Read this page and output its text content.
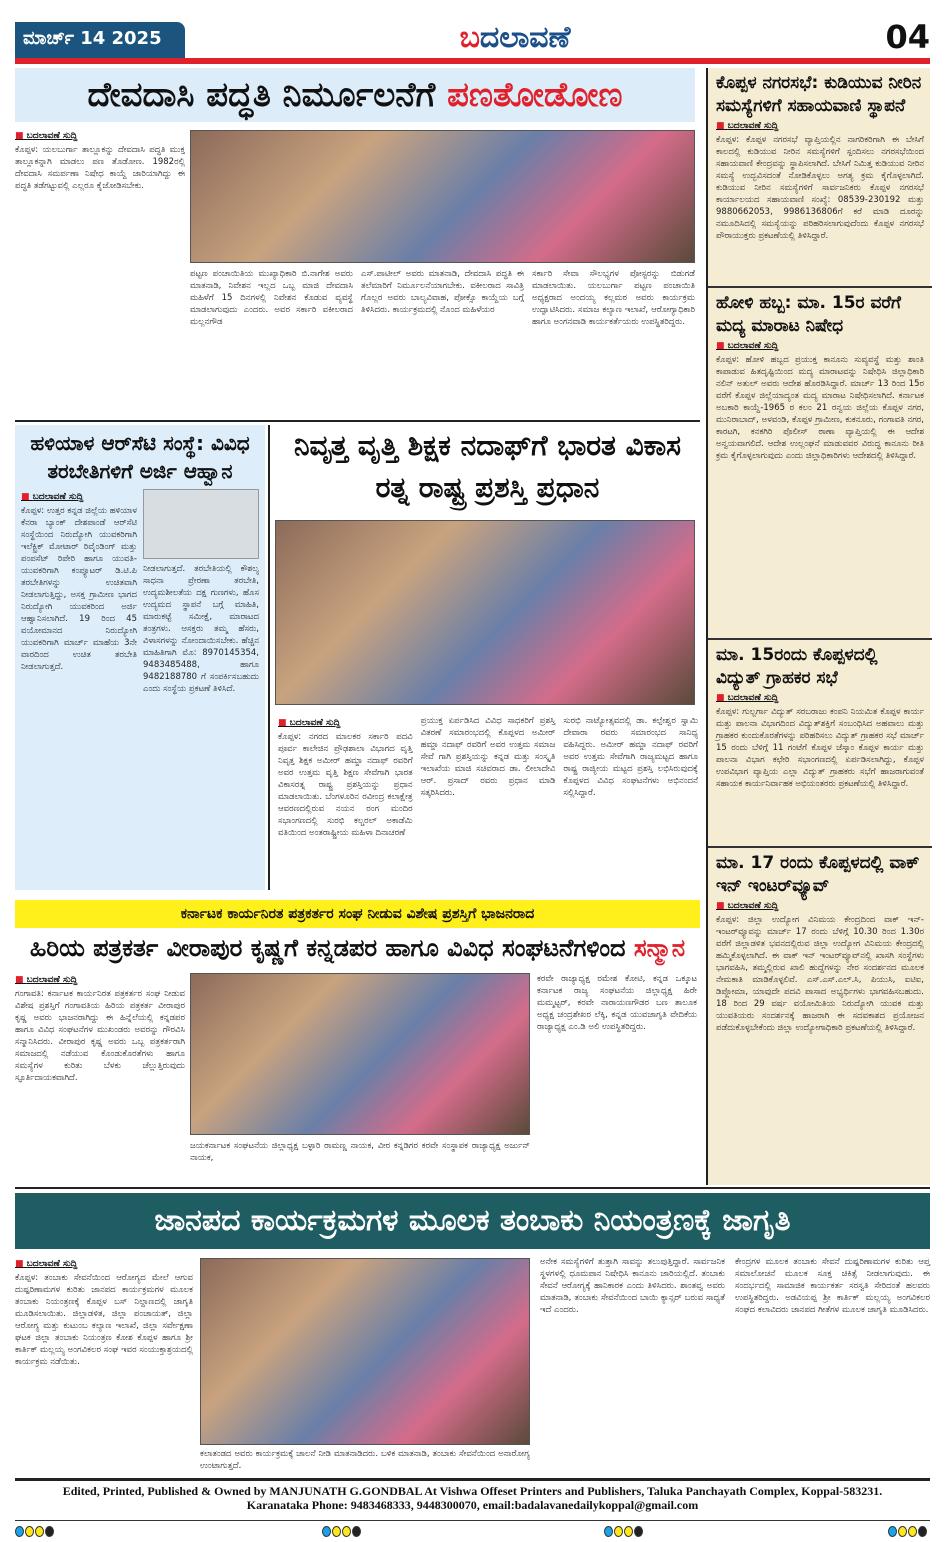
ಮಾರ್ಚ್ 14 2025	ಬದಲಾವಣೆ	04
ದೇವದಾಸಿ ಪದ್ಧತಿ ನಿರ್ಮೂಲನೆಗೆ ಪಣತೋಡೋಣ
■ ಬದಲಾವಣೆ ಸುದ್ದಿ
ಕೊಪ್ಪಳ: ಯಲಬುರ್ಗಾ ತಾಲ್ಲೂಕನ್ನು ದೇವದಾಸಿ ಪದ್ಧತಿ ಮುಕ್ತ ತಾಲ್ಲೂಕನ್ನಾಗಿ ಮಾಡಲು ಪಣ ತೊಡೋಣ. 1982ರಲ್ಲಿ ದೇವದಾಸಿ ಸಮರ್ಪಣಾ ನಿಷೇಧ ಕಾಯ್ದೆ ಜಾರಿಯಾಗಿದ್ದು ಈ ಪದ್ಧತಿ ತಡೆಗಟ್ಟುವಲ್ಲಿ ಎಲ್ಲರೂ ಕೈಜೋಡಿಸಬೇಕು.
ಪಟ್ಟಣ ಪಂಚಾಯಿತಿಯ ಮುಖ್ಯಾಧಿಕಾರಿ ಬಿ.ನಾಗೇಶ ಅವರು ಮಾತನಾಡಿ, ನಿವೇಶನ ಇಲ್ಲದ ಒಬ್ಬ ಮಾಜಿ ದೇವದಾಸಿ ಮಹಿಳೆಗೆ 15 ದಿನಗಳಲ್ಲಿ ನಿವೇಶನ ಕೊಡುವ ವ್ಯವಸ್ಥೆ ಮಾಡಲಾಗುವುದು ಎಂದರು. ಅವರ ಸರ್ಕಾರಿ ವಕೀಲರಾದ ಮಲ್ಲನಗೌಡ
ಎಸ್.ಪಾಟೀಲ್ ಅವರು ಮಾತನಾಡಿ, ದೇವದಾಸಿ ಪದ್ಧತಿ ಈ ತಲೆಮಾರಿಗೆ ನಿರ್ಮೂಲನೆಯಾಗಬೇಕು. ವಕೀಲರಾದ ಸಾವಿತ್ರಿ ಗೊಲ್ಲರ ಅವರು ಬಾಲ್ಯವಿವಾಹ, ಪೋಕ್ಸೊ ಕಾಯ್ದೆಯ ಬಗ್ಗೆ ತಿಳಿಸಿದರು. ಕಾರ್ಯಕ್ರಮದಲ್ಲಿ ನೊಂದ ಮಹಿಳೆಯರ
ಸರ್ಕಾರಿ ಸೇವಾ ಸೌಲಭ್ಯಗಳ ಪೋಸ್ಟರನ್ನು ಬಿಡುಗಡೆ ಮಾಡಲಾಯಿತು. ಯಲಬುರ್ಗಾ ಪಟ್ಟಣ ಪಂಚಾಯಿತಿ ಅಧ್ಯಕ್ಷರಾದ ಅಂದಯ್ಯ ಕಲ್ಲಮಠ ಅವರು ಕಾರ್ಯಕ್ರಮ ಉದ್ಘಾಟಿಸಿದರು. ಸಮಾಜ ಕಲ್ಯಾಣ ಇಲಾಖೆ, ಆರೋಗ್ಯಾಧಿಕಾರಿ ಹಾಗೂ ಅಂಗನವಾಡಿ ಕಾರ್ಯಕರ್ತೆಯರು ಉಪಸ್ಥಿತರಿದ್ದರು.
ಕೊಪ್ಪಳ ನಗರಸಭೆ: ಕುಡಿಯುವ ನೀರಿನ ಸಮಸ್ಯೆಗಳಿಗೆ ಸಹಾಯವಾಣಿ ಸ್ಥಾಪನೆ
■ ಬದಲಾವಣೆ ಸುದ್ದಿ
ಕೊಪ್ಪಳ: ಕೊಪ್ಪಳ ನಗರಸಭೆ ವ್ಯಾಪ್ತಿಯಲ್ಲಿನ ನಾಗರಿಕರಿಗಾಗಿ ಈ ಬೇಸಿಗೆ ಕಾಲದಲ್ಲಿ ಕುಡಿಯುವ ನೀರಿನ ಸಮಸ್ಯೆಗಳಿಗೆ ಸ್ಪಂದಿಸಲು ನಗರಸಭೆಯಿಂದ ಸಹಾಯವಾಣಿ ಕೇಂದ್ರವನ್ನು ಸ್ಥಾಪಿಸಲಾಗಿದೆ. ಬೇಸಿಗೆ ನಿಮಿತ್ತ ಕುಡಿಯುವ ನೀರಿನ ಸಮಸ್ಯೆ ಉದ್ಭವಿಸದಂತೆ ನೋಡಿಕೊಳ್ಳಲು ಅಗತ್ಯ ಕ್ರಮ ಕೈಗೊಳ್ಳಲಾಗಿದೆ. ಕುಡಿಯುವ ನೀರಿನ ಸಮಸ್ಯೆಗಳಿಗೆ ಸಾರ್ವಜನಿಕರು ಕೊಪ್ಪಳ ನಗರಸಭೆ ಕಾರ್ಯಾಲಯದ ಸಹಾಯವಾಣಿ ಸಂಖ್ಯೆ: 08539-230192 ಮತ್ತು 9880662053, 9986136806ಗೆ ಕರೆ ಮಾಡಿ ದೂರನ್ನು ನಮೂದಿಸಿದಲ್ಲಿ ಸಮಸ್ಯೆಯನ್ನು ಪರಿಹರಿಸಲಾಗುವುದೆಂದು ಕೊಪ್ಪಳ ನಗರಸಭೆ ಪೌರಾಯುಕ್ತರು ಪ್ರಕಟಣೆಯಲ್ಲಿ ತಿಳಿಸಿದ್ದಾರೆ.
ಹೋಳಿ ಹಬ್ಬ: ಮಾ. 15ರ ವರೆಗೆ ಮದ್ಯ ಮಾರಾಟ ನಿಷೇಧ
■ ಬದಲಾವಣೆ ಸುದ್ದಿ
ಕೊಪ್ಪಳ: ಹೋಳಿ ಹಬ್ಬದ ಪ್ರಯುಕ್ತ ಕಾನೂನು ಸುವ್ಯವಸ್ಥೆ ಮತ್ತು ಶಾಂತಿ ಕಾಪಾಡುವ ಹಿತದೃಷ್ಟಿಯಿಂದ ಮದ್ಯ ಮಾರಾಟವನ್ನು ನಿಷೇಧಿಸಿ ಜಿಲ್ಲಾಧಿಕಾರಿ ನಲಿನ್ ಅತುಲ್ ಅವರು ಆದೇಶ ಹೊರಡಿಸಿದ್ದಾರೆ. ಮಾರ್ಚ್ 13 ರಿಂದ 15ರ ವರೆಗೆ ಕೊಪ್ಪಳ ಜಿಲ್ಲೆಯಾದ್ಯಂತ ಮದ್ಯ ಮಾರಾಟ ನಿಷೇಧಿಸಲಾಗಿದೆ. ಕರ್ನಾಟಕ ಅಬಕಾರಿ ಕಾಯ್ದೆ-1965 ರ ಕಲಂ 21 ರನ್ವಯ ಜಿಲ್ಲೆಯ ಕೊಪ್ಪಳ ನಗರ, ಮುನಿರಾಬಾದ್, ಅಳವಂಡಿ, ಕೊಪ್ಪಳ ಗ್ರಾಮೀಣ, ಕುಕನೂರು, ಗಂಗಾವತಿ ನಗರ, ಕಾರಟಗಿ, ಕನಕಗಿರಿ ಪೊಲೀಸ್ ಠಾಣಾ ವ್ಯಾಪ್ತಿಯಲ್ಲಿ ಈ ಆದೇಶ ಅನ್ವಯವಾಗಲಿದೆ. ಆದೇಶ ಉಲ್ಲಂಘನೆ ಮಾಡುವವರ ವಿರುದ್ಧ ಕಾನೂನು ರೀತಿ ಕ್ರಮ ಕೈಗೊಳ್ಳಲಾಗುವುದು ಎಂದು ಜಿಲ್ಲಾಧಿಕಾರಿಗಳು ಆದೇಶದಲ್ಲಿ ತಿಳಿಸಿದ್ದಾರೆ.
ಮಾ. 15ರಂದು ಕೊಪ್ಪಳದಲ್ಲಿ ವಿದ್ಯುತ್ ಗ್ರಾಹಕರ ಸಭೆ
■ ಬದಲಾವಣೆ ಸುದ್ದಿ
ಕೊಪ್ಪಳ: ಗುಲ್ಬರ್ಗಾ ವಿದ್ಯುತ್ ಸರಬರಾಜು ಕಂಪನಿ ನಿಯಮಿತ ಕೊಪ್ಪಳ ಕಾರ್ಯ ಮತ್ತು ಪಾಲನಾ ವಿಭಾಗದಿಂದ ವಿದ್ಯುತ್‌ಶಕ್ತಿಗೆ ಸಂಬಂಧಿಸಿದ ಅಹವಾಲು ಮತ್ತು ಗ್ರಾಹಕರ ಕುಂದುಕೊರತೆಗಳನ್ನು ಪರಿಹರಿಸಲು ವಿದ್ಯುತ್ ಗ್ರಾಹಕರ ಸಭೆ ಮಾರ್ಚ್ 15 ರಂದು ಬೆಳಿಗ್ಗೆ 11 ಗಂಟೆಗೆ ಕೊಪ್ಪಳ ಜೆಸ್ಕಾಂ ಕೊಪ್ಪಳ ಕಾರ್ಯ ಮತ್ತು ಪಾಲನಾ ವಿಭಾಗ ಕಛೇರಿ ಸಭಾಂಗಣದಲ್ಲಿ ಏರ್ಪಡಿಸಲಾಗಿದ್ದು, ಕೊಪ್ಪಳ ಉಪವಿಭಾಗ ವ್ಯಾಪ್ತಿಯ ಎಲ್ಲಾ ವಿದ್ಯುತ್ ಗ್ರಾಹಕರು ಸಭೆಗೆ ಹಾಜರಾಗುವಂತೆ ಸಹಾಯಕ ಕಾರ್ಯನಿರ್ವಾಹಕ ಅಭಿಯಂತರರು ಪ್ರಕಟಣೆಯಲ್ಲಿ ತಿಳಿಸಿದ್ದಾರೆ.
ಮಾ. 17 ರಂದು ಕೊಪ್ಪಳದಲ್ಲಿ ವಾಕ್ ಇನ್ ಇಂಟರ್‌ವ್ಯೂವ್
■ ಬದಲಾವಣೆ ಸುದ್ದಿ
ಕೊಪ್ಪಳ: ಜಿಲ್ಲಾ ಉದ್ಯೋಗ ವಿನಿಮಯ ಕೇಂದ್ರದಿಂದ ವಾಕ್ ಇನ್-ಇಂಟರ್‌ವ್ಯೂವನ್ನು ಮಾರ್ಚ್ 17 ರಂದು ಬೆಳಿಗ್ಗೆ 10.30 ರಿಂದ 1.30ರ ವರೆಗೆ ಜಿಲ್ಲಾಡಳಿತ ಭವನದಲ್ಲಿರುವ ಜಿಲ್ಲಾ ಉದ್ಯೋಗ ವಿನಿಮಯ ಕೇಂದ್ರದಲ್ಲಿ ಹಮ್ಮಿಕೊಳ್ಳಲಾಗಿದೆ. ಈ ವಾಕ್ ಇನ್ ಇಂಟರ್‌ವ್ಯೂವ್‌ನಲ್ಲಿ ಖಾಸಗಿ ಸಂಸ್ಥೆಗಳು ಭಾಗವಹಿಸಿ, ತಮ್ಮಲ್ಲಿರುವ ಖಾಲಿ ಹುದ್ದೆಗಳನ್ನು ನೇರ ಸಂದರ್ಶನದ ಮೂಲಕ ನೇಮಕಾತಿ ಮಾಡಿಕೊಳ್ಳಲಿವೆ. ಎಸ್.ಎಸ್.ಎಲ್.ಸಿ, ಪಿಯುಸಿ, ಐಟಿಐ, ಡಿಪ್ಲೋಮಾ, ಯಾವುದೇ ಪದವಿ ಪಾಸಾದ ಅಭ್ಯರ್ಥಿಗಳು ಭಾಗವಹಿಸಬಹುದು. 18 ರಿಂದ 29 ವರ್ಷ ವಯೋಮಿತಿಯ ನಿರುದ್ಯೋಗಿ ಯುವಕ ಮತ್ತು ಯುವತಿಯರು ಸಂದರ್ಶನಕ್ಕೆ ಹಾಜರಾಗಿ ಈ ಸದವಕಾಶದ ಪ್ರಯೋಜನ ಪಡೆದುಕೊಳ್ಳಬೇಕೆಂದು ಜಿಲ್ಲಾ ಉದ್ಯೋಗಾಧಿಕಾರಿ ಪ್ರಕಟಣೆಯಲ್ಲಿ ತಿಳಿಸಿದ್ದಾರೆ.
ಹಳಿಯಾಳ ಆರ್‌ಸೆಟಿ ಸಂಸ್ಥೆ: ವಿವಿಧ ತರಬೇತಿಗಳಿಗೆ ಅರ್ಜಿ ಆಹ್ವಾನ
■ ಬದಲಾವಣೆ ಸುದ್ದಿ
ಕೊಪ್ಪಳ: ಉತ್ತರ ಕನ್ನಡ ಜಿಲ್ಲೆಯ ಹಳಿಯಾಳ ಕೆನರಾ ಬ್ಯಾಂಕ್ ದೇಶಪಾಂಡೆ ಆರ್‌ಸೆಟಿ ಸಂಸ್ಥೆಯಿಂದ ನಿರುದ್ಯೋಗಿ ಯುವಕರಿಗಾಗಿ ಇಲೆಕ್ಟ್ರಿಕ್ ಮೋಟಾರ್ ರಿವೈಂಡಿಂಗ್ ಮತ್ತು ಪಂಪಸೆಟ್ ರಿಪೇರಿ ಹಾಗೂ ಯುವತಿ-ಯುವಕರಿಗಾಗಿ ಕಂಪ್ಯೂಟರ್ ಡಿ.ಟಿ.ಪಿ ತರಬೇತಿಗಳನ್ನು ಉಚಿತವಾಗಿ ನೀಡಲಾಗುತ್ತಿದ್ದು, ಅಸಕ್ತ ಗ್ರಾಮೀಣ ಭಾಗದ ನಿರುದ್ಯೋಗಿ ಯುವಕರಿಂದ ಅರ್ಜಿ ಆಹ್ವಾನಿಸಲಾಗಿದೆ. 19 ರಿಂದ 45 ವಯೋಮಾನದ ನಿರುದ್ಯೋಗಿ ಯುವಕರಿಗಾಗಿ ಮಾರ್ಚ್ ಮಾಹೆಯ 3ನೇ ವಾರದಿಂದ ಉಚಿತ ತರಬೇತಿ ನೀಡಲಾಗುತ್ತದೆ.
ನೀಡಲಾಗುತ್ತದೆ. ತರಬೇತಿಯಲ್ಲಿ ಕೌಶಲ್ಯ ಸಾಧನಾ ಪ್ರೇರಣಾ ತರಬೇತಿ, ಉದ್ಯಮಶೀಲತೆಯ ದಕ್ಷ ಗುಣಗಳು, ಹೊಸ ಉದ್ಯಮದ ಸ್ಥಾಪನೆ ಬಗ್ಗೆ ಮಾಹಿತಿ, ಮಾರುಕಟ್ಟೆ ಸಮೀಕ್ಷೆ, ಮಾರಾಟದ ತಂತ್ರಗಳು. ಆಸಕ್ತರು ತಮ್ಮ ಹೆಸರು, ವಿಳಾಸಗಳನ್ನು ನೋಂದಾಯಿಸಬೇಕು. ಹೆಚ್ಚಿನ ಮಾಹಿತಿಗಾಗಿ ಮೊ: 8970145354, 9483485488, ಹಾಗೂ 9482188780 ಗೆ ಸಂಪರ್ಕಿಸಬಹುದು ಎಂದು ಸಂಸ್ಥೆಯ ಪ್ರಕಟಣೆ ತಿಳಿಸಿದೆ.
ನಿವೃತ್ತ ವೃತ್ತಿ ಶಿಕ್ಷಕ ನದಾಫ್‌ಗೆ ಭಾರತ ವಿಕಾಸ ರತ್ನ ರಾಷ್ಟ್ರ ಪ್ರಶಸ್ತಿ ಪ್ರಧಾನ
■ ಬದಲಾವಣೆ ಸುದ್ದಿ
ಕೊಪ್ಪಳ: ನಗರದ ಮಾಲಕರ ಸರ್ಕಾರಿ ಪದವಿ ಪೂರ್ವ ಕಾಲೇಜಿನ ಪ್ರೌಢಶಾಲಾ ವಿಭಾಗದ ವೃತ್ತಿ ನಿವೃತ್ತ ಶಿಕ್ಷಕ ಅಮೀರ್ ಹಮ್ಜಾ ನದಾಫ್ ರವರಿಗೆ ಅವರ ಉತ್ತಮ ವೃತ್ತಿ ಶಿಕ್ಷಣ ಸೇವೆಗಾಗಿ ಭಾರತ ವಿಕಾಸರತ್ನ ರಾಷ್ಟ್ರ ಪ್ರಶಸ್ತಿಯನ್ನು ಪ್ರಧಾನ ಮಾಡಲಾಯಿತು. ಬೆಂಗಳೂರಿನ ರವೀಂದ್ರ ಕಲಾಕ್ಷೇತ್ರ ಆವರಣದಲ್ಲಿರುವ ನಯನ ರಂಗ ಮಂದಿರ ಸಭಾಂಗಣದಲ್ಲಿ ಸುರಭಿ ಕಲ್ಚರಲ್ ಅಕಾಡೆಮಿ ವತಿಯಿಂದ ಅಂತರಾಷ್ಟ್ರೀಯ ಮಹಿಳಾ ದಿನಾಚರಣೆ
ಪ್ರಯುಕ್ತ ಏರ್ಪಡಿಸಿದ ವಿವಿಧ ಸಾಧಕರಿಗೆ ಪ್ರಶಸ್ತಿ ವಿತರಣೆ ಸಮಾರಂಭದಲ್ಲಿ ಕೊಪ್ಪಳದ ಅಮೀರ್ ಹಮ್ಜಾ ನದಾಫ್ ರವರಿಗೆ ಅವರ ಉತ್ತಮ ಸಮಾಜ ಸೇವೆ ಗಾಗಿ ಪ್ರಶಸ್ತಿಯನ್ನು ಕನ್ನಡ ಮತ್ತು ಸಂಸ್ಕೃತಿ ಇಲಾಖೆಯ ಮಾಜಿ ಸಚಿವರಾದ ಡಾ. ಲೀಲಾದೇವಿ ಆರ್. ಪ್ರಸಾದ್ ರವರು ಪ್ರಧಾನ ಮಾಡಿ ಸತ್ಕರಿಸಿದರು.
ಸುರಭಿ ನಾಟ್ಯೋತ್ಸವದಲ್ಲಿ ಡಾ. ಕಲ್ಪೇಶ್ವರ ಸ್ವಾಮಿ ದೇವಾರಾ ರವರು ಸಮಾರಂಭದ ಸಾನಿಧ್ಯ ವಹಿಸಿದ್ದರು. ಅಮೀರ್ ಹಮ್ಜಾ ನದಾಫ್ ರವರಿಗೆ ಅವರ ಉತ್ತಮ ಸೇವೆಗಾಗಿ ರಾಜ್ಯಮಟ್ಟದ ಹಾಗೂ ರಾಷ್ಟ್ರ ರಾಜ್ಯೀಯ ಮಟ್ಟದ ಪ್ರಶಸ್ತಿ ಲಭಿಸಿರುವುದಕ್ಕೆ ಕೊಪ್ಪಳದ ವಿವಿಧ ಸಂಘಟನೆಗಳು ಅಭಿನಂದನೆ ಸಲ್ಲಿಸಿದ್ದಾರೆ.
ಕರ್ನಾಟಕ ಕಾರ್ಯನಿರತ ಪತ್ರಕರ್ತರ ಸಂಘ ನೀಡುವ ವಿಶೇಷ ಪ್ರಶಸ್ತಿಗೆ ಭಾಜನರಾದ
ಹಿರಿಯ ಪತ್ರಕರ್ತ ವೀರಾಪುರ ಕೃಷ್ಣಗೆ ಕನ್ನಡಪರ ಹಾಗೂ ವಿವಿಧ ಸಂಘಟನೆಗಳಿಂದ ಸನ್ಮಾನ
■ ಬದಲಾವಣೆ ಸುದ್ದಿ
ಗಂಗಾವತಿ: ಕರ್ನಾಟಕ ಕಾರ್ಯನಿರತ ಪತ್ರಕರ್ತರ ಸಂಘ ನೀಡುವ ವಿಶೇಷ ಪ್ರಶಸ್ತಿಗೆ ಗಂಗಾವತಿಯ ಹಿರಿಯ ಪತ್ರಕರ್ತ ವೀರಾಪುರ ಕೃಷ್ಣ ಅವರು ಭಾಜನರಾಗಿದ್ದು ಈ ಹಿನ್ನೆಲೆಯಲ್ಲಿ ಕನ್ನಡಪರ ಹಾಗೂ ವಿವಿಧ ಸಂಘಟನೆಗಳ ಮುಖಂಡರು ಅವರನ್ನು ಗೌರವಿಸಿ ಸನ್ಮಾನಿಸಿದರು. ವೀರಾಪುರ ಕೃಷ್ಣ ಅವರು ಒಬ್ಬ ಪತ್ರಕರ್ತರಾಗಿ ಸಮಾಜದಲ್ಲಿ ನಡೆಯುವ ಕೊಂಡುಕೊರತೆಗಳು ಹಾಗೂ ಸಮಸ್ಯೆಗಳ ಕುರಿತು ಬೆಳಕು ಚೆಲ್ಲುತ್ತಿರುವುದು ಸ್ಫೂರ್ತಿದಾಯಕವಾಗಿದೆ.
ಜಯಕರ್ನಾಟಕ ಸಂಘಟನೆಯ ಜಿಲ್ಲಾಧ್ಯಕ್ಷ ಬಳ್ಳಾರಿ ರಾಮಣ್ಣ ನಾಯಕ, ವೀರ ಕನ್ನಡಿಗರ ಕರವೇ ಸಂಸ್ಥಾಪಕ ರಾಜ್ಯಾಧ್ಯಕ್ಷ ಅರ್ಜುನ್ ನಾಯಕ,
ಕರವೇ ರಾಜ್ಯಾಧ್ಯಕ್ಷ ರಮೇಶ ಕೋಟಿ, ಕನ್ನಡ ಒಕ್ಕೂಟ ಕರ್ನಾಟಕ ರಾಜ್ಯ ಸಂಘಟನೆಯ ಜಿಲ್ಲಾಧ್ಯಕ್ಷ ಹಿರೇ ಮಮ್ಮಟ್ಟರ್, ಕರವೇ ನಾರಾಯಣಗೌಡರ ಬಣ ತಾಲೂಕ ಅಧ್ಯಕ್ಷ ಚಂದ್ರಶೇಖರ ಲೆಕ್ಕಿ, ಕನ್ನಡ ಯುವಜಾಗೃತಿ ವೇದಿಕೆಯ ರಾಜ್ಯಾಧ್ಯಕ್ಷ ಎಂ.ಡಿ ಅಲಿ ಉಪಸ್ಥಿತರಿದ್ದರು.
ಜಾನಪದ ಕಾರ್ಯಕ್ರಮಗಳ ಮೂಲಕ ತಂಬಾಕು ನಿಯಂತ್ರಣಕ್ಕೆ ಜಾಗೃತಿ
■ ಬದಲಾವಣೆ ಸುದ್ದಿ
ಕೊಪ್ಪಳ: ತಂಬಾಕು ಸೇವನೆಯಿಂದ ಆರೋಗ್ಯದ ಮೇಲೆ ಆಗುವ ದುಷ್ಪರಿಣಾಮಗಳ ಕುರಿತು ಜಾನಪದ ಕಾರ್ಯಕ್ರಮಗಳ ಮೂಲಕ ತಂಬಾಕು ನಿಯಂತ್ರಣಕ್ಕೆ ಕೊಪ್ಪಳ ಬಸ್ ನಿಲ್ದಾಣದಲ್ಲಿ ಜಾಗೃತಿ ಮೂಡಿಸಲಾಯಿತು. ಜಿಲ್ಲಾಡಳಿತ, ಜಿಲ್ಲಾ ಪಂಚಾಯತ್, ಜಿಲ್ಲಾ ಆರೋಗ್ಯ ಮತ್ತು ಕುಟುಂಬ ಕಲ್ಯಾಣ ಇಲಾಖೆ, ಜಿಲ್ಲಾ ಸರ್ವೇಕ್ಷಣಾ ಘಟಕ ಜಿಲ್ಲಾ ತಂಬಾಕು ನಿಯಂತ್ರಣ ಕೋಶ ಕೊಪ್ಪಳ ಹಾಗೂ ಶ್ರೀ ಕಾರ್ತಿಕ್ ಮಲ್ಲಯ್ಯ ಅಂಗವಿಕಲರ ಸಂಘ ಇವರ ಸಂಯುಕ್ತಾಶ್ರಯದಲ್ಲಿ ಕಾರ್ಯಕ್ರಮ ನಡೆಯಿತು.
ಕಲಾತಂಡದ ಅವರು ಕಾರ್ಯಕ್ರಮಕ್ಕೆ ಚಾಲನೆ ನೀಡಿ ಮಾತನಾಡಿದರು. ಬಳಿಕ ಮಾತನಾಡಿ, ತಂಬಾಕು ಸೇವನೆಯಿಂದ ಅನಾರೋಗ್ಯ ಉಂಟಾಗುತ್ತದೆ.
ಅನೇಕ ಸಮಸ್ಯೆಗಳಿಗೆ ತುತ್ತಾಗಿ ಸಾವನ್ನು ತಲುಪುತ್ತಿದ್ದಾರೆ. ಸಾರ್ವಜನಿಕ ಸ್ಥಳಗಳಲ್ಲಿ ಧೂಮಪಾನ ನಿಷೇಧಿಸಿ ಕಾನೂನು ಜಾರಿಯಲ್ಲಿದೆ. ತಂಬಾಕು ಸೇವನೆ ಆರೋಗ್ಯಕ್ಕೆ ಹಾನಿಕಾರಕ ಎಂದು ತಿಳಿಸಿದರು. ಶಾಂತವ್ವ ಅವರು ಮಾತನಾಡಿ, ತಂಬಾಕು ಸೇವನೆಯಿಂದ ಬಾಯಿ ಕ್ಯಾನ್ಸರ್ ಬರುವ ಸಾಧ್ಯತೆ ಇದೆ ಎಂದರು.
ಕೇಂದ್ರಗಳ ಮೂಲಕ ತಂಬಾಕು ಸೇವನೆ ದುಷ್ಪರಿಣಾಮಗಳ ಕುರಿತು ಆಪ್ತ ಸಮಾಲೋಚನೆ ಮೂಲಕ ಸೂಕ್ತ ಚಿಕಿತ್ಸೆ ನೀಡಲಾಗುವುದು. ಈ ಸಂದರ್ಭದಲ್ಲಿ ಸಾಮಾಜಿಕ ಕಾರ್ಯಕರ್ತ ಸರಸ್ವತಿ ಸೇರಿದಂತೆ ಹಲವರು ಉಪಸ್ಥಿತರಿದ್ದರು. ಅಡವಿಯಪ್ಪ ಶ್ರೀ ಕಾರ್ತಿಕ್ ಮಲ್ಲಯ್ಯ ಅಂಗವಿಕಲರ ಸಂಘದ ಕಲಾವಿದರು ಜಾನಪದ ಗೀತೆಗಳ ಮೂಲಕ ಜಾಗೃತಿ ಮೂಡಿಸಿದರು.
Edited, Printed, Published & Owned by MANJUNATH G.GONDBAL At Vishwa Offeset Printers and Publishers, Taluka Panchayath Complex, Koppal-583231.
Karanataka Phone: 9483468333, 9448300070, email:badalavanedailykoppal@gmail.com
